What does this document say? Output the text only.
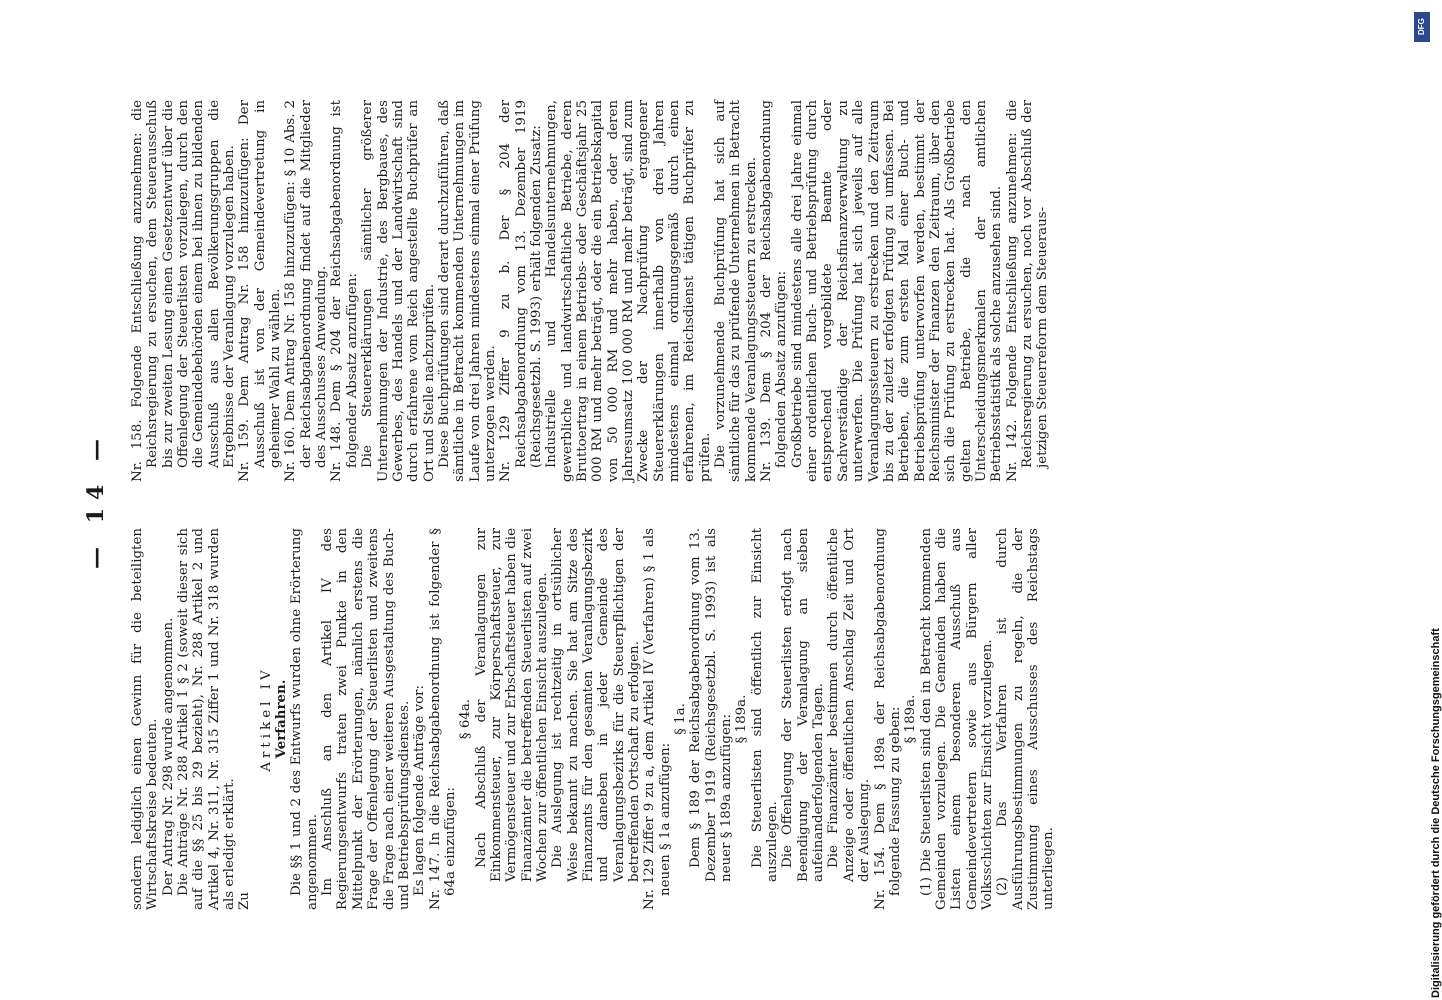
— 14 —

sondern lediglich einen Gewinn für die beteiligten Wirtschaftskreise bedeuten. Der Antrag Nr. 298 wurde angenommen. Die Anträge Nr. 288 Artikel 1 § 2 (soweit dieser sich auf die §§ 25 bis 29 bezieht), Nr. 288 Artikel 2 und Artikel 4, Nr. 311, Nr. 315 Ziffer 1 und Nr. 318 wurden als erledigt erklärt. Zu

Artikel IV Verfahren. Die §§ 1 und 2 des Entwurfs wurden ohne Erörterung angenommen. Im Anschluß an den Artikel IV des Regierungsentwurfs traten zwei Punkte in den Mittelpunkt der Erörterungen, nämlich erstens die Frage der Offenlegung der Steuerlisten und zweitens die Frage nach einer weiteren Ausgestaltung des Buch- und Betriebsprüfungsdienstes. Es lagen folgende Anträge vor: Nr. 147. In die Reichsabgabenordnung ist folgender § 64a einzufügen:

§ 64a. Nach Abschluß der Veranlagungen zur Einkommensteuer, zur Körperschaftsteuer, zur Vermögensteuer und zur Erbschaftsteuer haben die Finanzämter die betreffenden Steuerlisten auf zwei Wochen zur öffentlichen Einsicht auszulegen. Die Auslegung ist rechtzeitig in ortsüblicher Weise bekannt zu machen. Sie hat am Sitze des Finanzamts für den gesamten Veranlagungsbezirk und daneben in jeder Gemeinde des Veranlagungsbezirks für die Steuerpflichtigen der betreffenden Ortschaft zu erfolgen. Nr. 129 Ziffer 9 zu a, dem Artikel IV (Verfahren) § 1 als neuen § 1a anzufügen:

§ 1a. Dem § 189 der Reichsabgabenordnung vom 13. Dezember 1919 (Reichsgesetzbl. S. 1993) ist als neuer § 189a anzufügen: § 189a. Die Steuerlisten sind öffentlich zur Einsicht auszulegen. Die Offenlegung der Steuerlisten erfolgt nach Beendigung der Veranlagung an sieben aufeinanderfolgenden Tagen. Die Finanzämter bestimmen durch öffentliche Anzeige oder öffentlichen Anschlag Zeit und Ort der Auslegung. Nr. 154. Dem § 189a der Reichsabgabenordnung folgende Fassung zu geben: § 189a. (1) Die Steuerlisten sind den in Betracht kommenden Gemeinden vorzulegen. Die Gemeinden haben die Listen einem besonderen Ausschuß aus Gemeindevertretern sowie aus Bürgern aller Volksschichten zur Einsicht vorzulegen. (2) Das Verfahren ist durch Ausführungsbestimmungen zu regeln, die der Zustimmung eines Ausschusses des Reichstags unterliegen.

Nr. 158. Folgende Entschließung anzunehmen: die Reichsregierung zu ersuchen, dem Steuerausschuß bis zur zweiten Lesung einen Gesetzentwurf über die Offenlegung der Steuerlisten vorzulegen, durch den die Gemeindebehörden einem bei ihnen zu bildenden Ausschuß aus allen Bevölkerungsgruppen die Ergebnisse der Veranlagung vorzulegen haben. Nr. 159. Dem Antrag Nr. 158 hinzuzufügen: Der Ausschuß ist von der Gemeindevertretung in geheimer Wahl zu wählen. Nr. 160. Dem Antrag Nr. 158 hinzuzufügen: § 10 Abs. 2 der Reichsabgabenordnung findet auf die Mitglieder des Ausschusses Anwendung. Nr. 148. Dem § 204 der Reichsabgabenordnung ist folgender Absatz anzufügen: Die Steuererklärungen sämtlicher größerer Unternehmungen der Industrie, des Bergbaues, des Gewerbes, des Handels und der Landwirtschaft sind durch erfahrene vom Reich angestellte Buchprüfer an Ort und Stelle nachzuprüfen. Diese Buchprüfungen sind derart durchzuführen, daß sämtliche in Betracht kommenden Unternehmungen im Laufe von drei Jahren mindestens einmal einer Prüfung unterzogen werden. Nr. 129 Ziffer 9 zu b. Der § 204 der Reichsabgabenordnung vom 13. Dezember 1919 (Reichsgesetzbl. S. 1993) erhält folgenden Zusatz: Industrielle und Handelsunternehmungen, gewerbliche und landwirtschaftliche Betriebe, deren Bruttoertrag in einem Betriebs- oder Geschäftsjahr 25 000 RM und mehr beträgt, oder die ein Betriebskapital von 50 000 RM und mehr haben, oder deren Jahresumsatz 100 000 RM und mehr beträgt, sind zum Zwecke der Nachprüfung ergangener Steuererklärungen innerhalb von drei Jahren mindestens einmal ordnungsgemäß durch einen erfahrenen, im Reichsdienst tätigen Buchprüfer zu prüfen. Die vorzunehmende Buchprüfung hat sich auf sämtliche für das zu prüfende Unternehmen in Betracht kommende Veranlagungssteuern zu erstrecken. Nr. 139. Dem § 204 der Reichsabgabenordnung folgenden Absatz anzufügen: Großbetriebe sind mindestens alle drei Jahre einmal einer ordentlichen Buch- und Betriebsprüfung durch entsprechend vorgebildete Beamte oder Sachverständige der Reichsfinanzverwaltung zu unterwerfen. Die Prüfung hat sich jeweils auf alle Veranlagungssteuern zu erstrecken und den Zeitraum bis zu der zuletzt erfolgten Prüfung zu umfassen. Bei Betrieben, die zum ersten Mal einer Buch- und Betriebsprüfung unterworfen werden, bestimmt der Reichsminister der Finanzen den Zeitraum, über den sich die Prüfung zu erstrecken hat. Als Großbetriebe gelten Betriebe, die nach den Unterscheidungsmerkmalen der amtlichen Betriebsstatistik als solche anzusehen sind. Nr. 142. Folgende Entschließung anzunehmen: die Reichsregierung zu ersuchen, noch vor Abschluß der jetzigen Steuerreform dem Steueraus-

DFG
Digitalisierung gefördert durch die Deutsche Forschungsgemeinschaft
